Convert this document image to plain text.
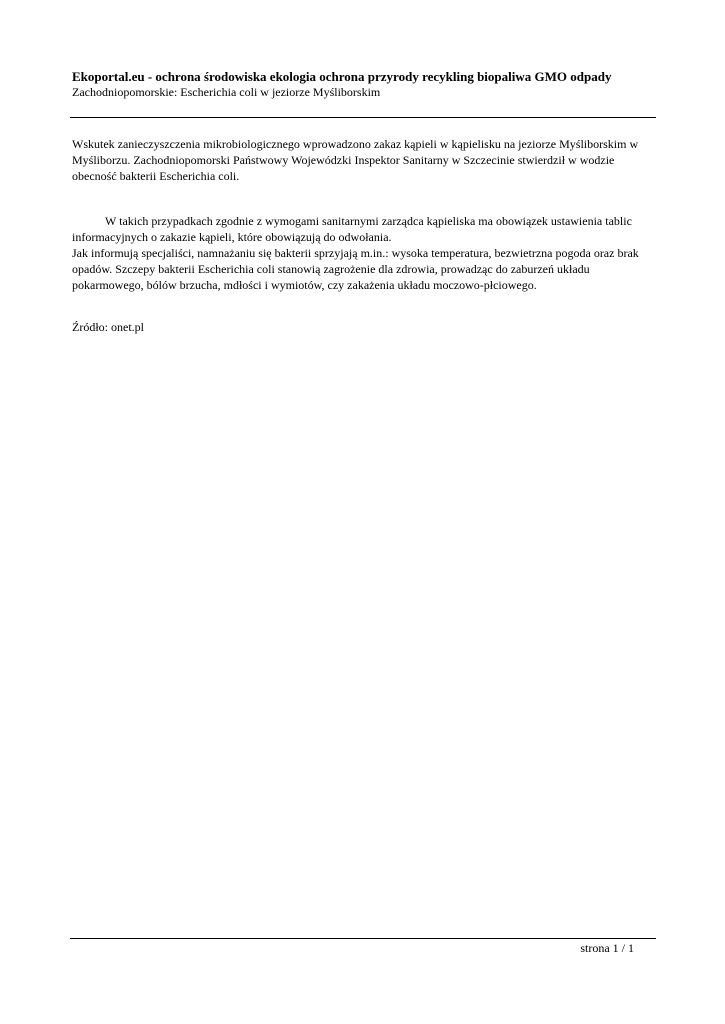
Ekoportal.eu - ochrona środowiska ekologia ochrona przyrody recykling biopaliwa GMO odpady
Zachodniopomorskie: Escherichia coli w jeziorze Myśliborskim
Wskutek zanieczyszczenia mikrobiologicznego wprowadzono zakaz kąpieli w kąpielisku na jeziorze Myśliborskim w Myśliborzu. Zachodniopomorski Państwowy Wojewódzki Inspektor Sanitarny w Szczecinie stwierdził w wodzie obecność bakterii Escherichia coli.
W takich przypadkach zgodnie z wymogami sanitarnymi zarządca kąpieliska ma obowiązek ustawienia tablic informacyjnych o zakazie kąpieli, które obowiązują do odwołania.
Jak informują specjaliści, namnażaniu się bakterii sprzyjają m.in.: wysoka temperatura, bezwietrzna pogoda oraz brak opadów. Szczepy bakterii Escherichia coli stanowią zagrożenie dla zdrowia, prowadząc do zaburzeń układu pokarmowego, bólów brzucha, mdłości i wymiotów, czy zakażenia układu moczowo-płciowego.
Źródło: onet.pl
strona 1 / 1
